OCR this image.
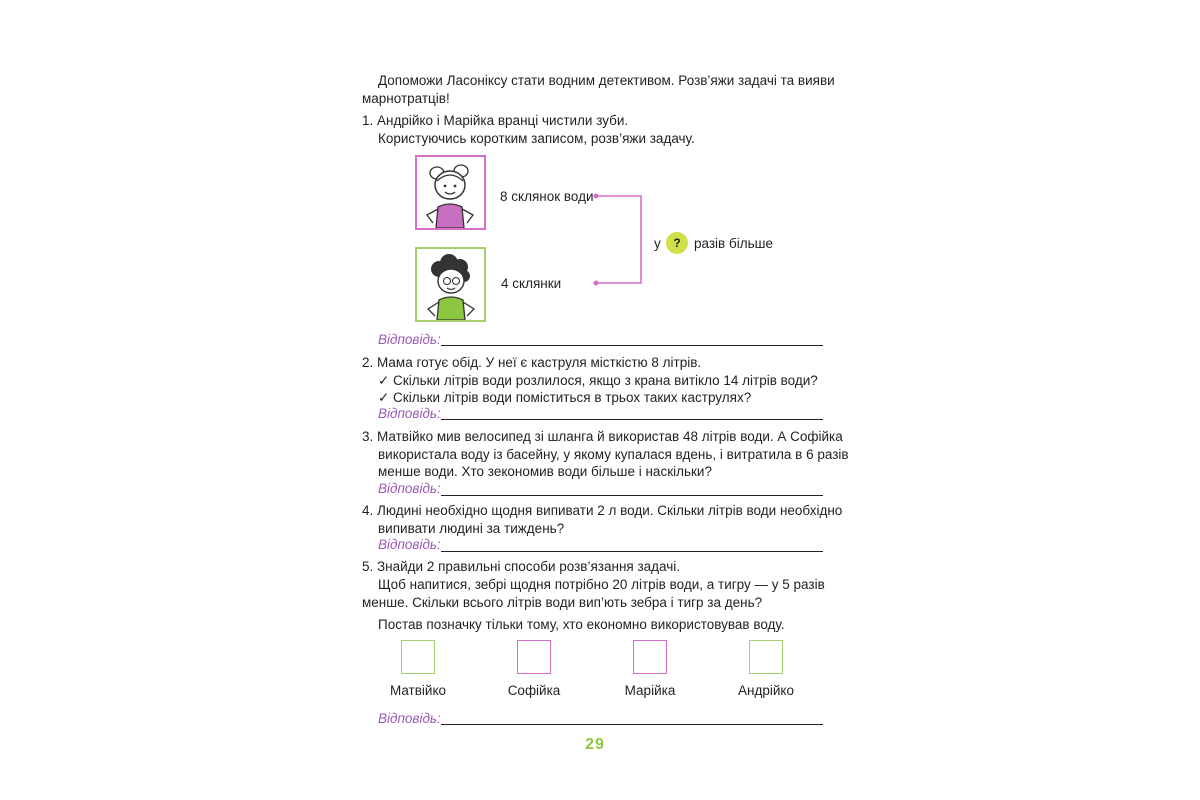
Допоможи Ласоніксу стати водним детективом. Розв’яжи задачі та вияви
марнотратців!
1. Андрійко і Марійка вранці чистили зуби.
Користуючись коротким записом, розв’яжи задачу.
8 склянок води
4 склянки
у	? разів більше
Відповідь:
2. Мама готує обід. У неї є каструля місткістю 8 літрів.
✓ Скільки літрів води розлилося, якщо з крана витікло 14 літрів води?
✓ Скільки літрів води поміститься в трьох таких каструлях?
Відповідь:
3. Матвійко мив велосипед зі шланга й використав 48 літрів води. А Софійка
використала воду із басейну, у якому купалася вдень, і витратила в 6 разів
менше води. Хто зекономив води більше і наскільки?
Відповідь:
4. Людині необхідно щодня випивати 2 л води. Скільки літрів води необхідно
випивати людині за тиждень?
Відповідь:
5. Знайди 2 правильні способи розв’язання задачі.
Щоб напитися, зебрі щодня потрібно 20 літрів води, а тигру — у 5 разів
менше. Скільки всього літрів води вип’ють зебра і тигр за день?
Постав позначку тільки тому, хто економно використовував воду.
Матвійко	Софійка	Марійка	Андрійко
Відповідь:
29
